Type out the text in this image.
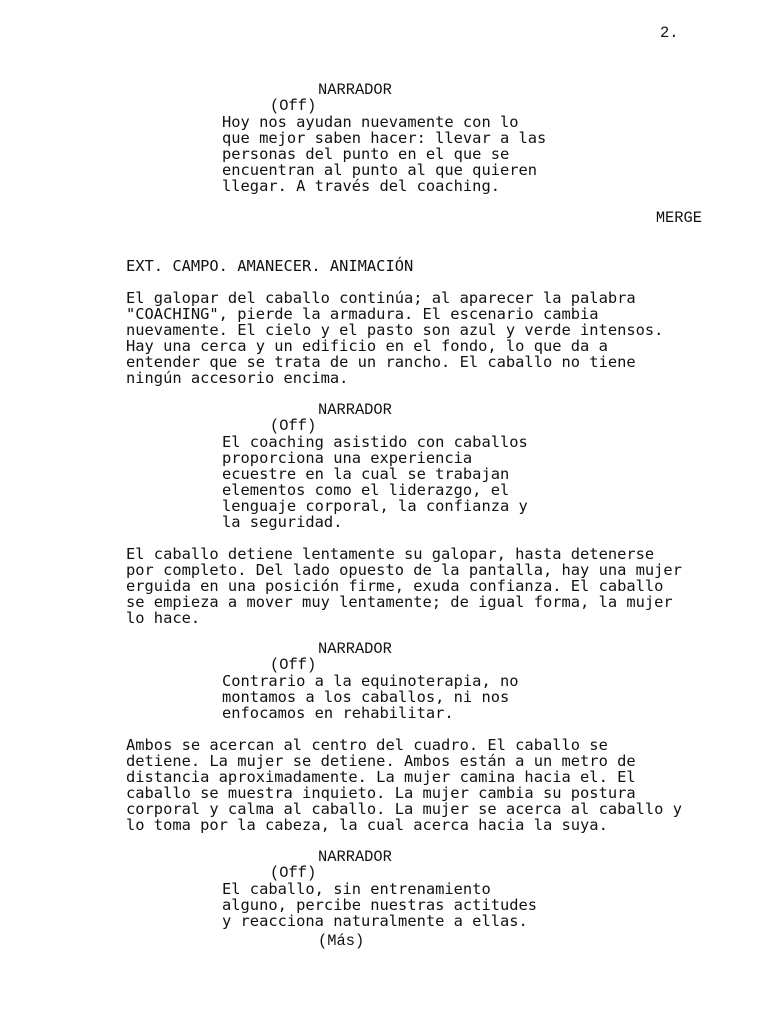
2.
NARRADOR
(Off)
Hoy nos ayudan nuevamente con lo
que mejor saben hacer: llevar a las
personas del punto en el que se
encuentran al punto al que quieren
llegar. A través del coaching.
MERGE
EXT. CAMPO. AMANECER. ANIMACIÓN
El galopar del caballo continúa; al aparecer la palabra
"COACHING", pierde la armadura. El escenario cambia
nuevamente. El cielo y el pasto son azul y verde intensos.
Hay una cerca y un edificio en el fondo, lo que da a
entender que se trata de un rancho. El caballo no tiene
ningún accesorio encima.
NARRADOR
(Off)
El coaching asistido con caballos
proporciona una experiencia
ecuestre en la cual se trabajan
elementos como el liderazgo, el
lenguaje corporal, la confianza y
la seguridad.
El caballo detiene lentamente su galopar, hasta detenerse
por completo. Del lado opuesto de la pantalla, hay una mujer
erguida en una posición firme, exuda confianza. El caballo
se empieza a mover muy lentamente; de igual forma, la mujer
lo hace.
NARRADOR
(Off)
Contrario a la equinoterapia, no
montamos a los caballos, ni nos
enfocamos en rehabilitar.
Ambos se acercan al centro del cuadro. El caballo se
detiene. La mujer se detiene. Ambos están a un metro de
distancia aproximadamente. La mujer camina hacia el. El
caballo se muestra inquieto. La mujer cambia su postura
corporal y calma al caballo. La mujer se acerca al caballo y
lo toma por la cabeza, la cual acerca hacia la suya.
NARRADOR
(Off)
El caballo, sin entrenamiento
alguno, percibe nuestras actitudes
y reacciona naturalmente a ellas.
(Más)
